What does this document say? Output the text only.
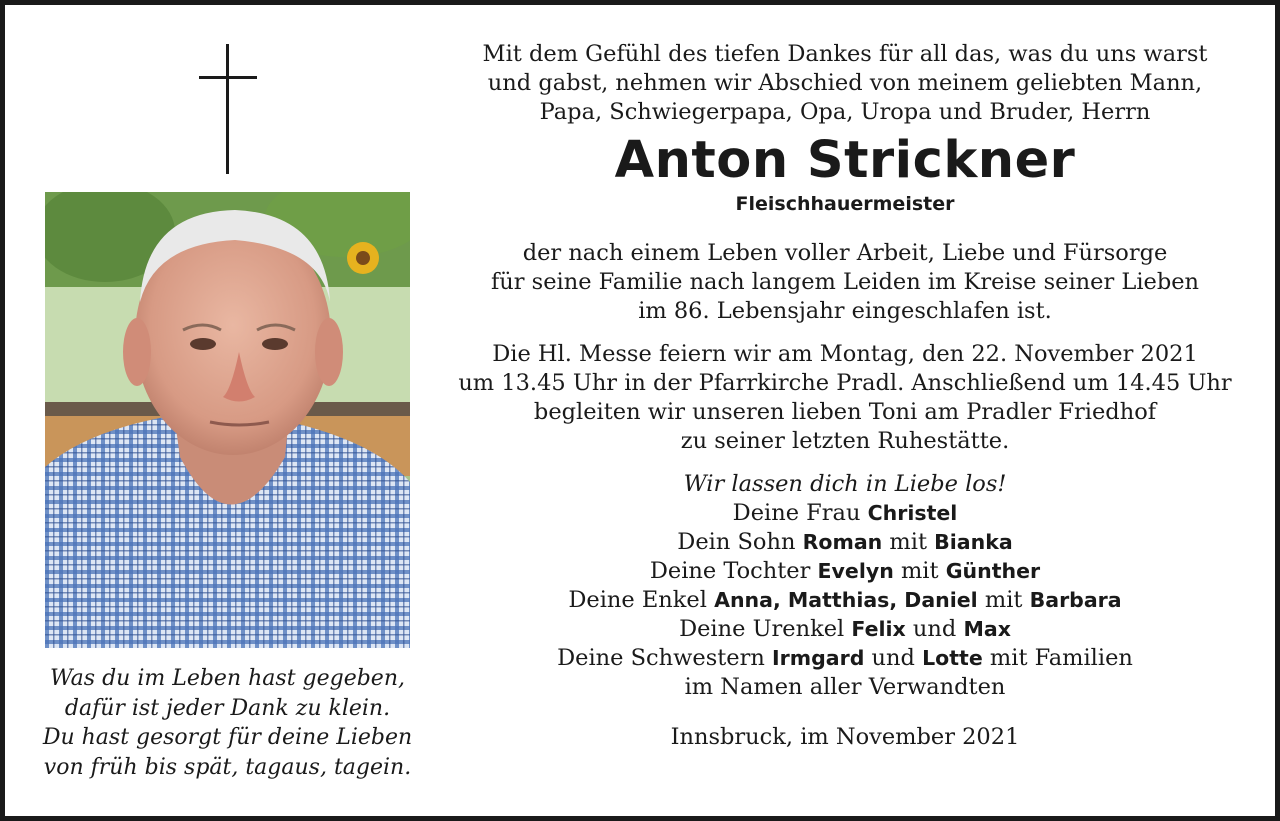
Was du im Leben hast gegeben,
dafür ist jeder Dank zu klein.
Du hast gesorgt für deine Lieben
von früh bis spät, tagaus, tagein.
Mit dem Gefühl des tiefen Dankes für all das, was du uns warst
und gabst, nehmen wir Abschied von meinem geliebten Mann,
Papa, Schwiegerpapa, Opa, Uropa und Bruder, Herrn
Anton Strickner
Fleischhauermeister
der nach einem Leben voller Arbeit, Liebe und Fürsorge
für seine Familie nach langem Leiden im Kreise seiner Lieben
im 86. Lebensjahr eingeschlafen ist.
Die Hl. Messe feiern wir am Montag, den 22. November 2021
um 13.45 Uhr in der Pfarrkirche Pradl. Anschließend um 14.45 Uhr
begleiten wir unseren lieben Toni am Pradler Friedhof
zu seiner letzten Ruhestätte.
Wir lassen dich in Liebe los!
Deine Frau Christel
Dein Sohn Roman mit Bianka
Deine Tochter Evelyn mit Günther
Deine Enkel Anna, Matthias, Daniel mit Barbara
Deine Urenkel Felix und Max
Deine Schwestern Irmgard und Lotte mit Familien
im Namen aller Verwandten
Innsbruck, im November 2021
